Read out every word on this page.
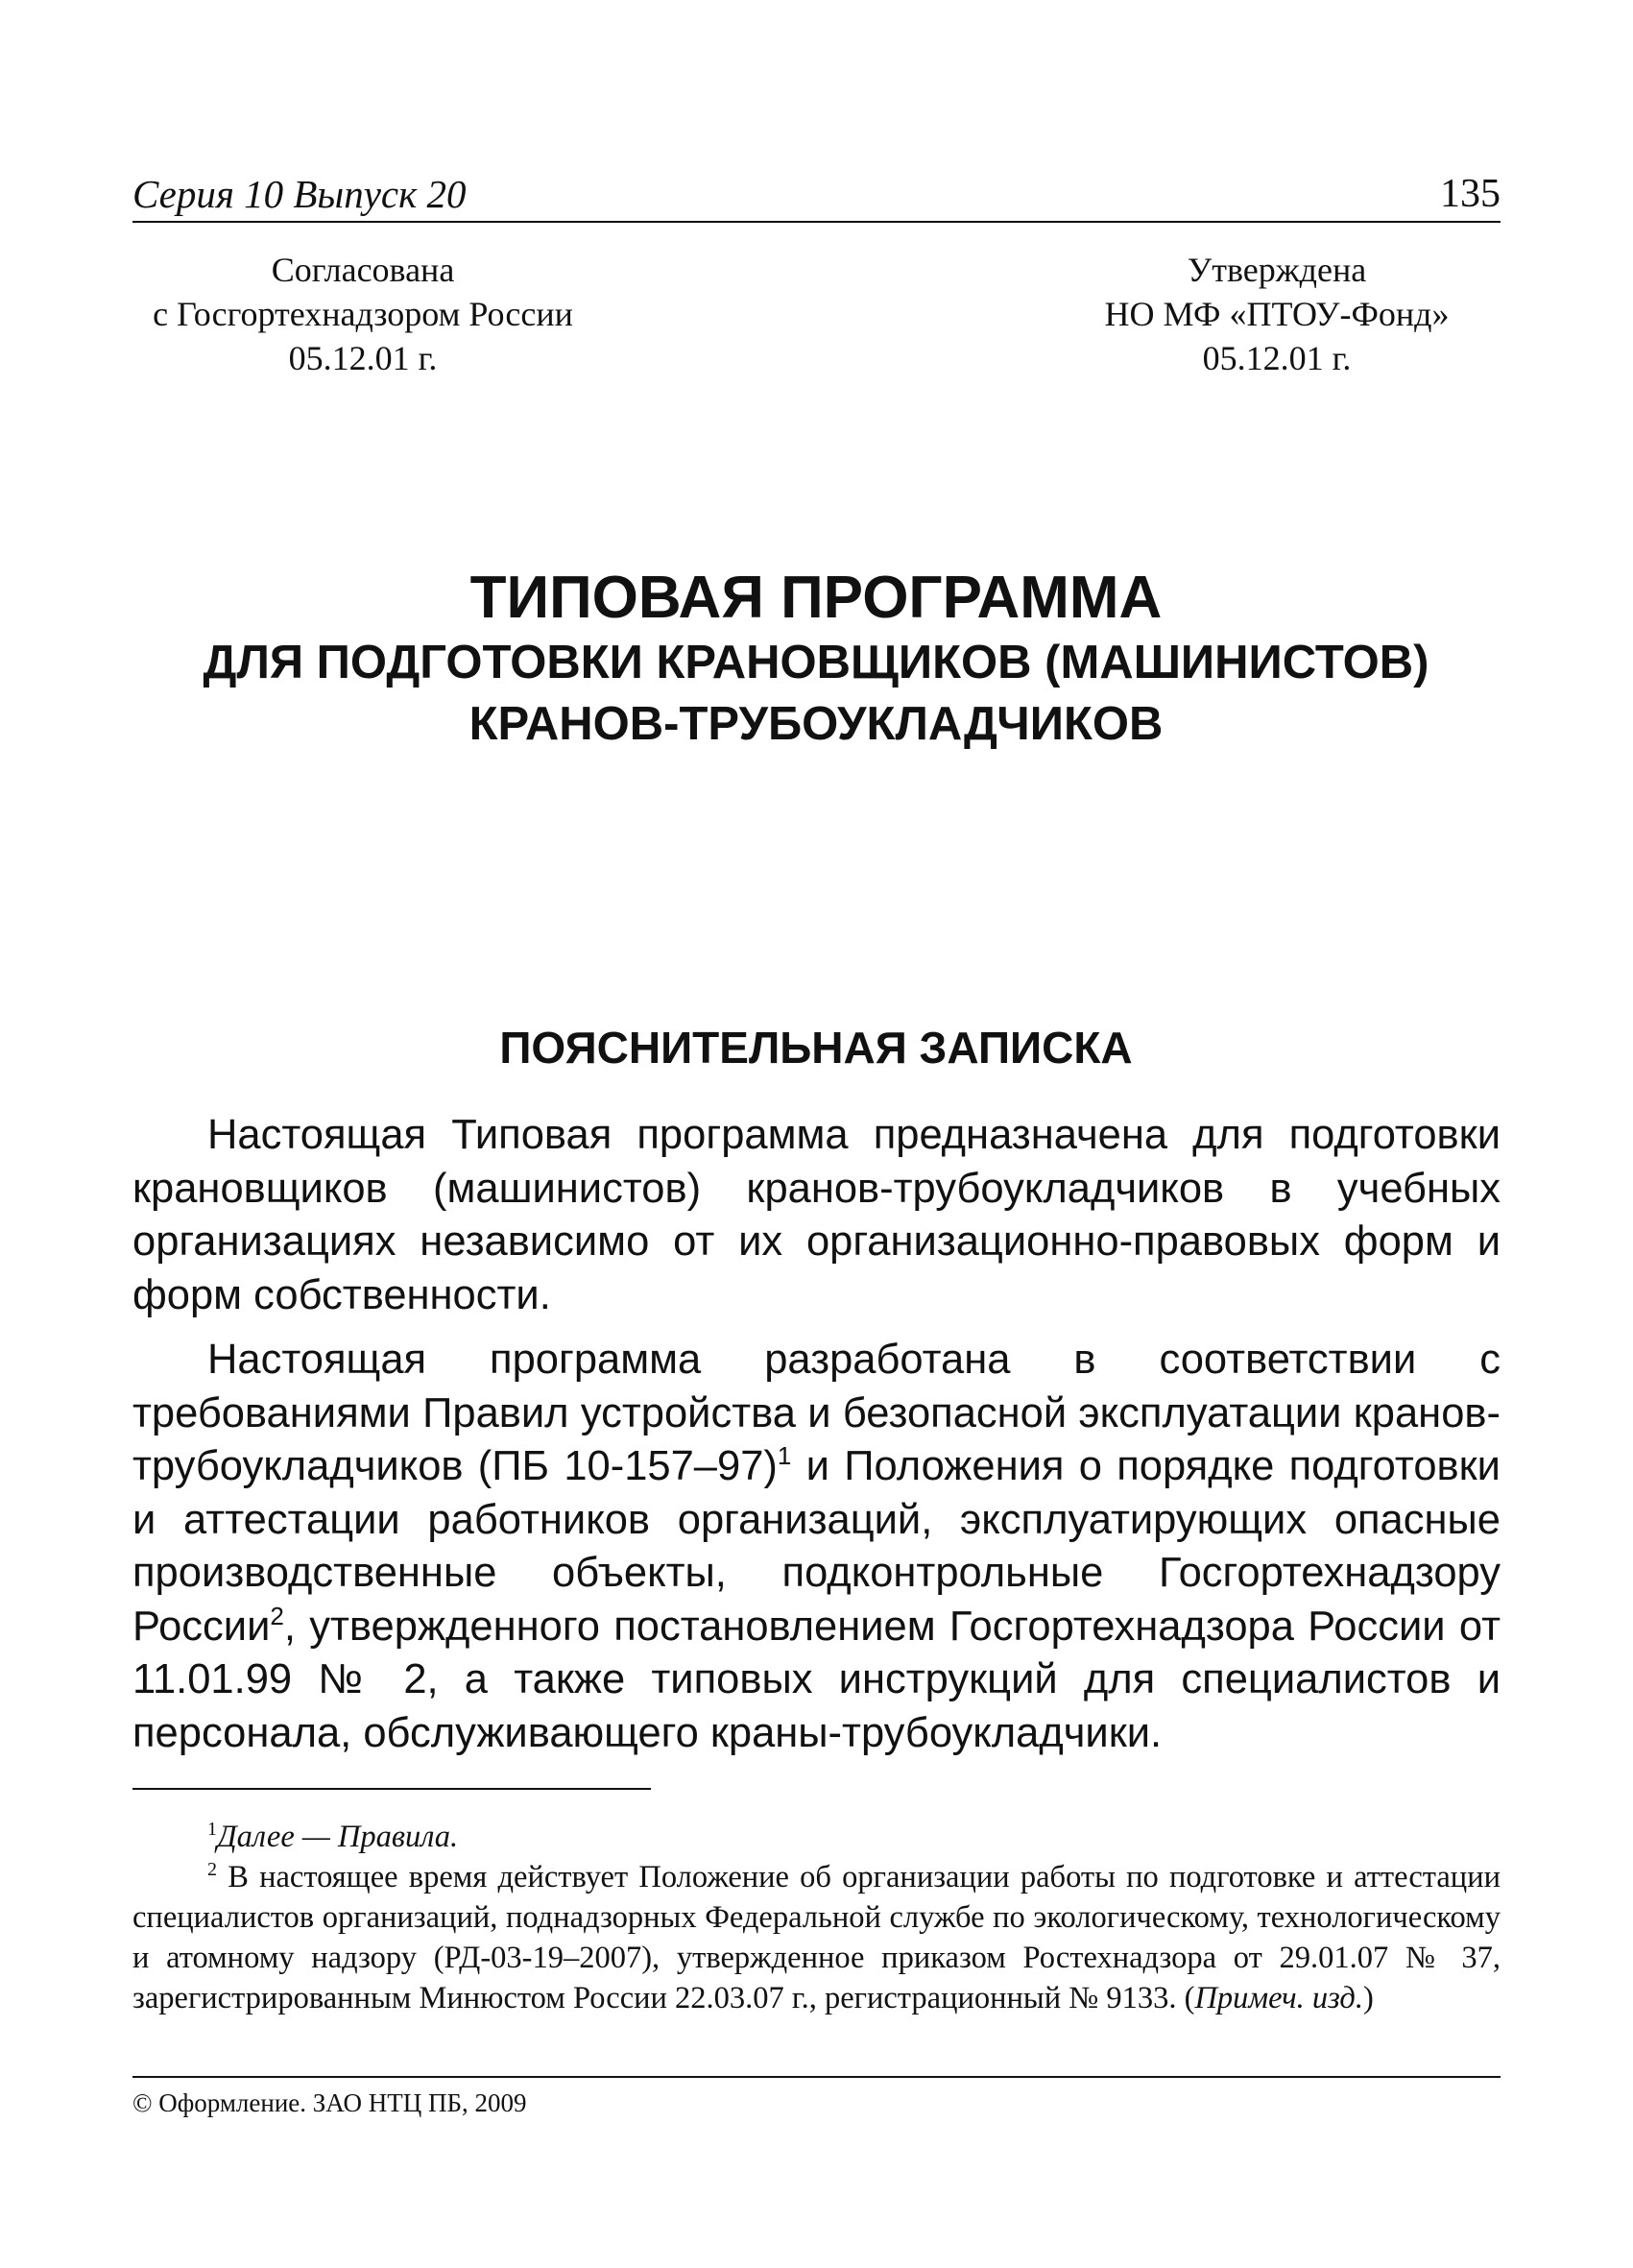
Серия 10 Выпуск 20	135
Согласована
с Госгортехнадзором России
05.12.01 г.
Утверждена
НО МФ «ПТОУ-Фонд»
05.12.01 г.
ТИПОВАЯ ПРОГРАММА
ДЛЯ ПОДГОТОВКИ КРАНОВЩИКОВ (МАШИНИСТОВ)
КРАНОВ-ТРУБОУКЛАДЧИКОВ
ПОЯСНИТЕЛЬНАЯ ЗАПИСКА

Настоящая Типовая программа предназначена для подготовки крановщиков (машинистов) кранов-трубоукладчиков в учебных организациях независимо от их организационно-правовых форм и форм собственности.

Настоящая программа разработана в соответствии с требованиями Правил устройства и безопасной эксплуатации кранов-трубоукладчиков (ПБ 10-157–97)$^1$ и Положения о порядке подготовки и аттестации работников организаций, эксплуатирующих опасные производственные объекты, подконтрольные Госгортехнадзору России$^2$, утвержденного постановлением Госгортехнадзора России от 11.01.99 № 2, а также типовых инструкций для специалистов и персонала, обслуживающего краны-трубоукладчики.

$^1$Далее — Правила.

$^2$ В настоящее время действует Положение об организации работы по подготовке и аттестации специалистов организаций, поднадзорных Федеральной службе по экологическому, технологическому и атомному надзору (РД-03-19–2007), утвержденное приказом Ростехнадзора от 29.01.07 № 37, зарегистрированным Минюстом России 22.03.07 г., регистрационный № 9133. (Примеч. изд.)

© Оформление. ЗАО НТЦ ПБ, 2009
